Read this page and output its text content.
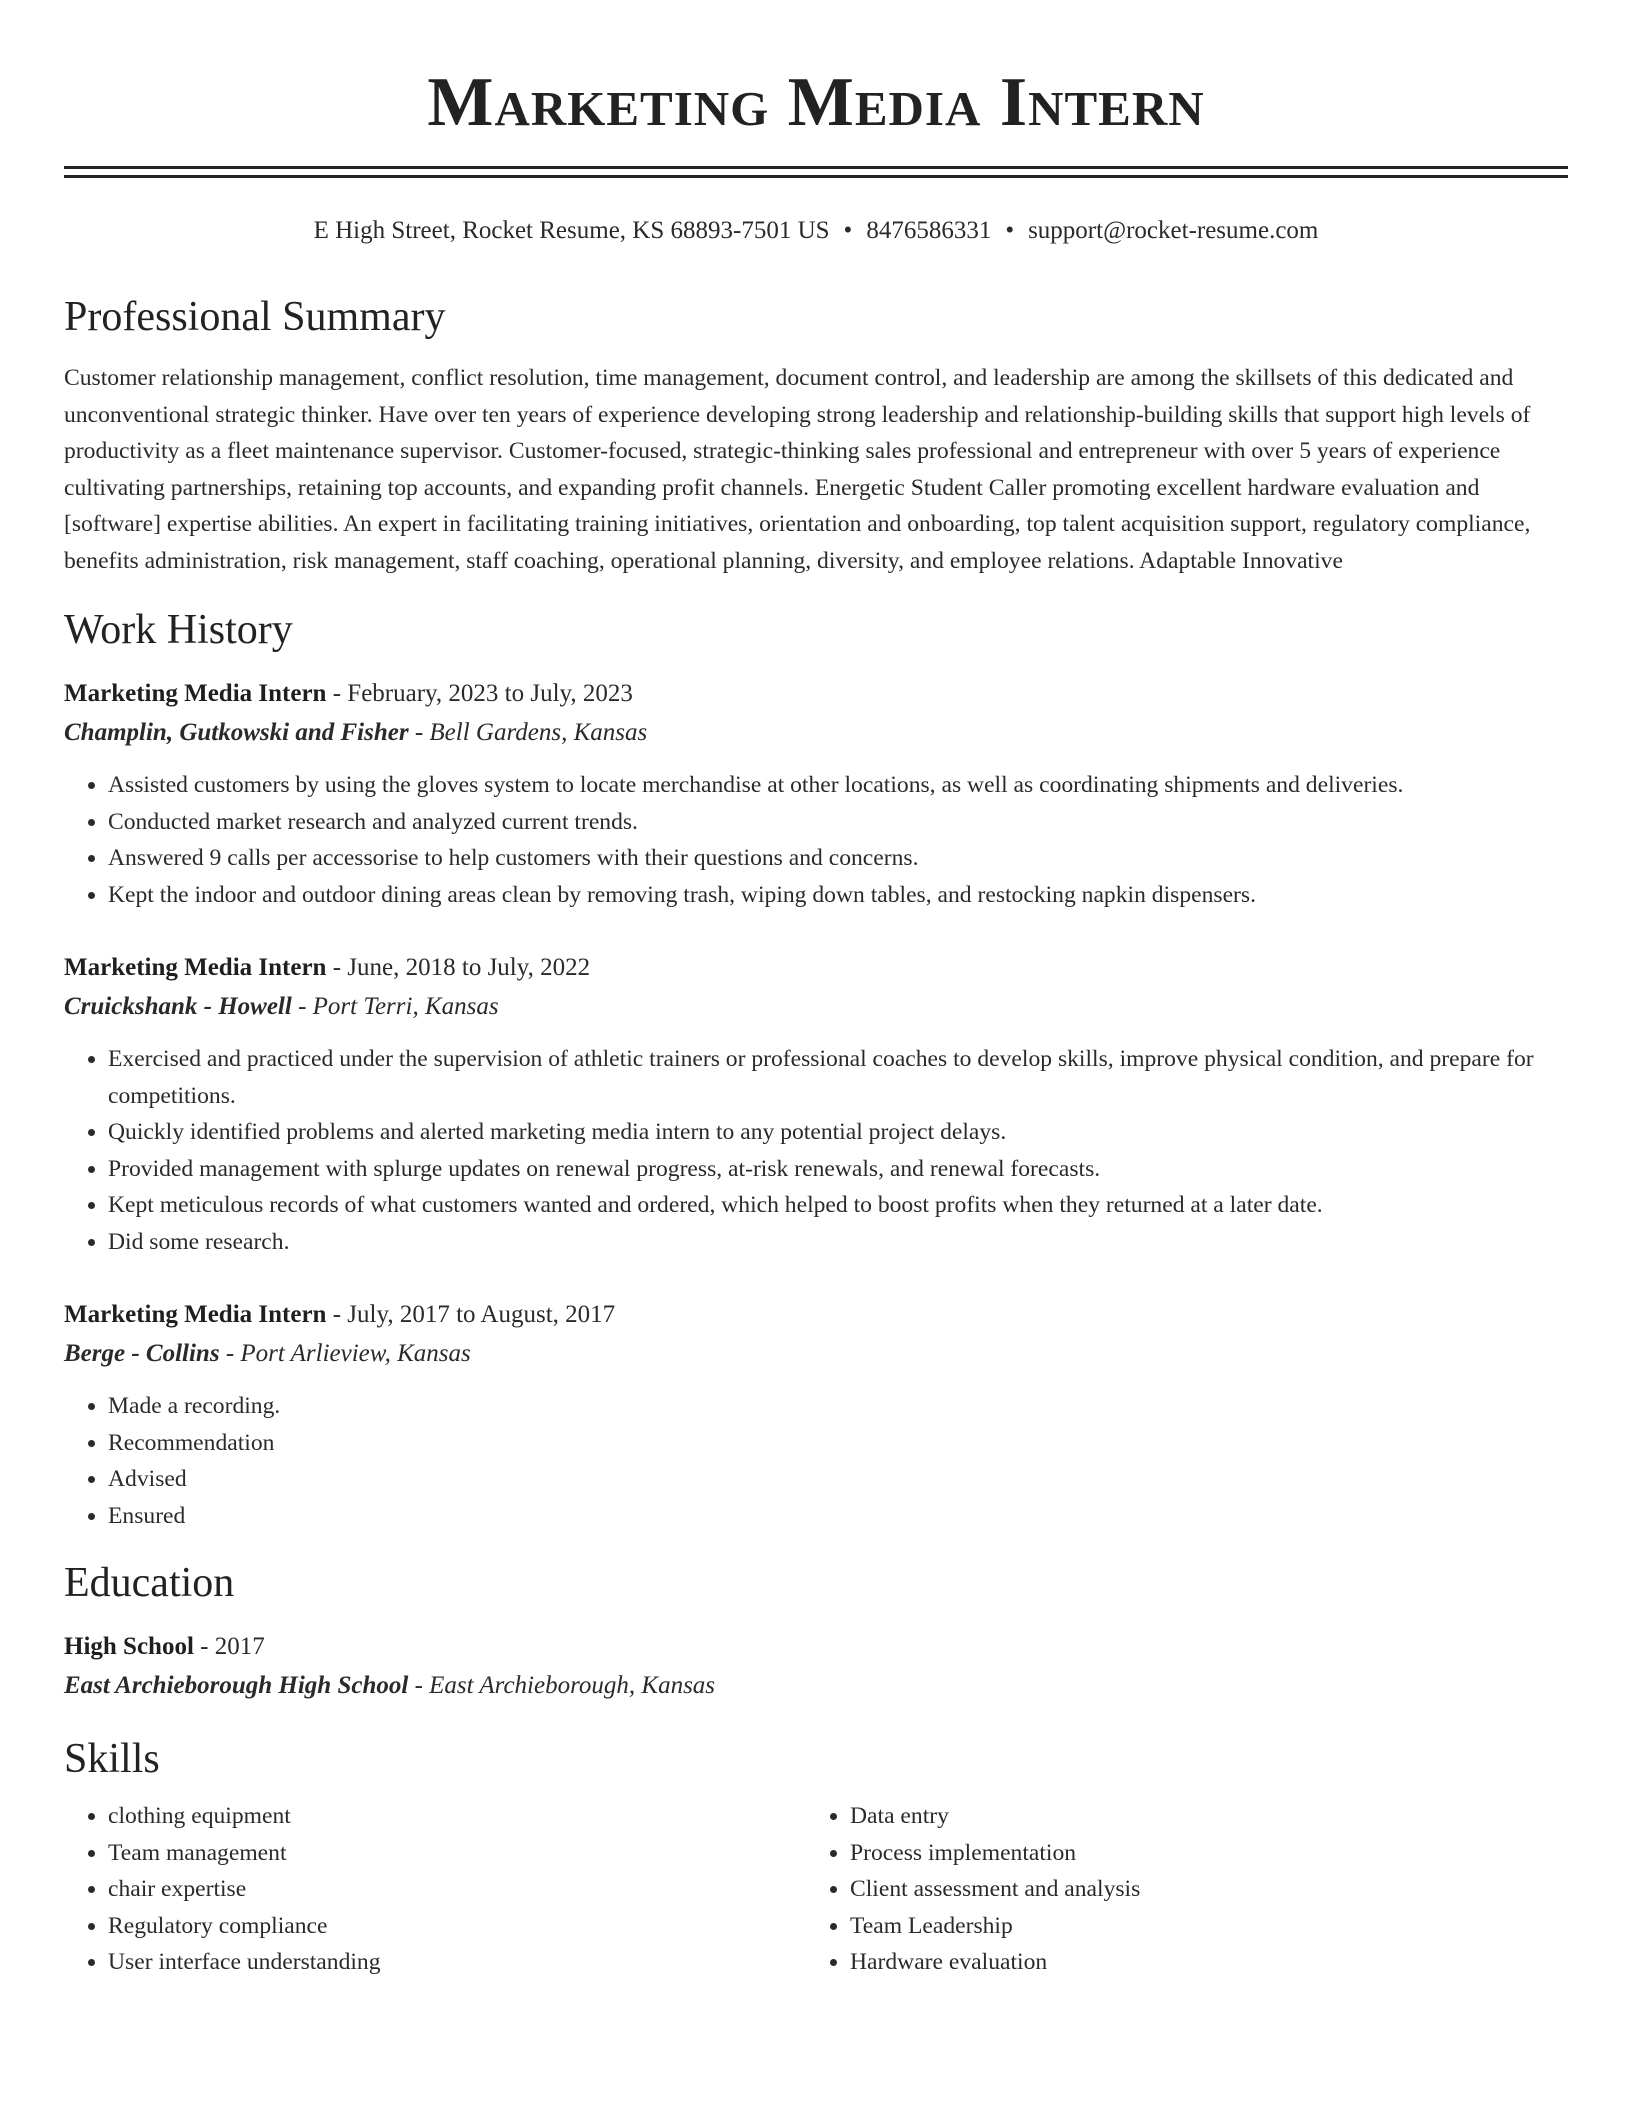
Marketing Media Intern
E High Street, Rocket Resume, KS 68893-7501 US • 8476586331 • support@rocket-resume.com
Professional Summary

Customer relationship management, conflict resolution, time management, document control, and leadership are among the skillsets of this dedicated and unconventional strategic thinker. Have over ten years of experience developing strong leadership and relationship-building skills that support high levels of productivity as a fleet maintenance supervisor. Customer-focused, strategic-thinking sales professional and entrepreneur with over 5 years of experience cultivating partnerships, retaining top accounts, and expanding profit channels. Energetic Student Caller promoting excellent hardware evaluation and [software] expertise abilities. An expert in facilitating training initiatives, orientation and onboarding, top talent acquisition support, regulatory compliance, benefits administration, risk management, staff coaching, operational planning, diversity, and employee relations. Adaptable Innovative

Work History
Marketing Media Intern - February, 2023 to July, 2023
Champlin, Gutkowski and Fisher - Bell Gardens, Kansas
• Assisted customers by using the gloves system to locate merchandise at other locations, as well as coordinating shipments and deliveries.
• Conducted market research and analyzed current trends.
• Answered 9 calls per accessorise to help customers with their questions and concerns.
• Kept the indoor and outdoor dining areas clean by removing trash, wiping down tables, and restocking napkin dispensers.
Marketing Media Intern - June, 2018 to July, 2022
Cruickshank - Howell - Port Terri, Kansas
• Exercised and practiced under the supervision of athletic trainers or professional coaches to develop skills, improve physical condition, and prepare for competitions.
• Quickly identified problems and alerted marketing media intern to any potential project delays.
• Provided management with splurge updates on renewal progress, at-risk renewals, and renewal forecasts.
• Kept meticulous records of what customers wanted and ordered, which helped to boost profits when they returned at a later date.
• Did some research.
Marketing Media Intern - July, 2017 to August, 2017
Berge - Collins - Port Arlieview, Kansas
• Made a recording.
• Recommendation
• Advised
• Ensured
Education
High School - 2017
East Archieborough High School - East Archieborough, Kansas
Skills
• clothing equipment
• Team management
• chair expertise
• Regulatory compliance
• User interface understanding
• Data entry
• Process implementation
• Client assessment and analysis
• Team Leadership
• Hardware evaluation
